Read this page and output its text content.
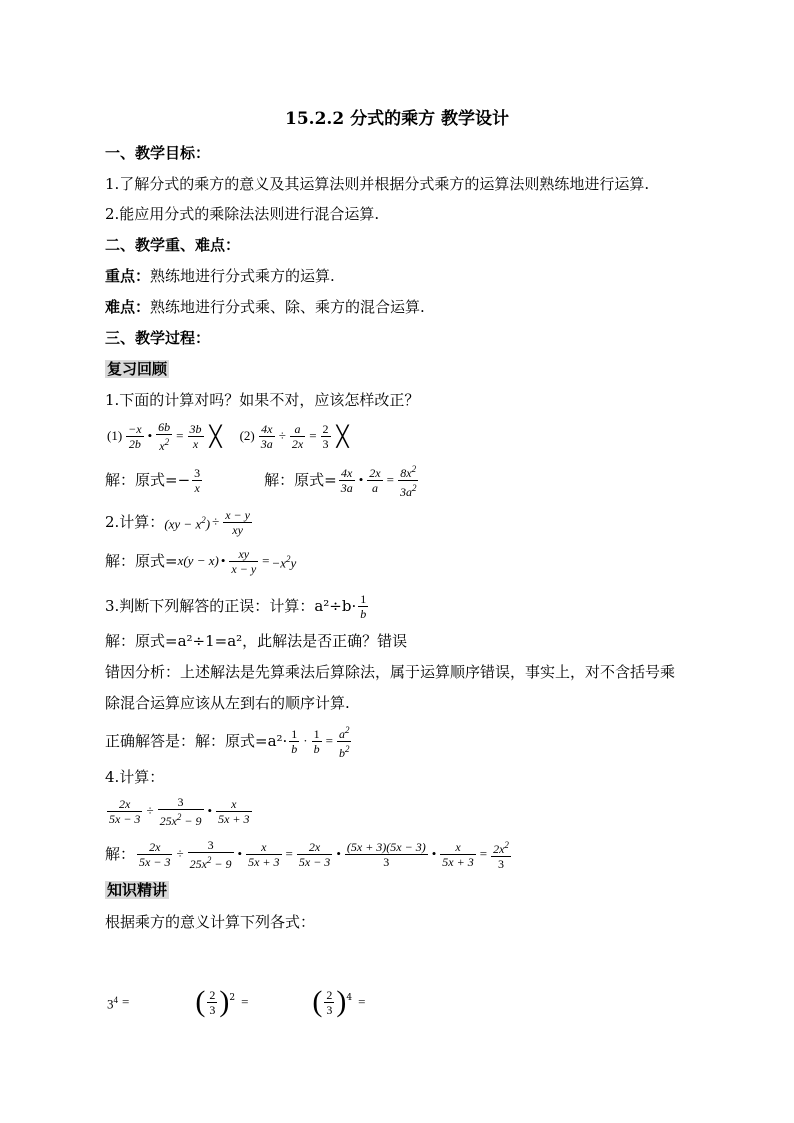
15.2.2 分式的乘方 教学设计
一、教学目标：
1.了解分式的乘方的意义及其运算法则并根据分式乘方的运算法则熟练地进行运算.
2.能应用分式的乘除法法则进行混合运算.
二、教学重、难点：
重点：熟练地进行分式乘方的运算.
难点：熟练地进行分式乘、除、乘方的混合运算.
三、教学过程：
复习回顾
1.下面的计算对吗？如果不对，应该怎样改正？
$(1) \frac{-x}{2b}$ • $\frac{6b}{x^2} = \frac{3b}{x}$ ╳ $(2) \frac{4x}{3a} \div \frac{a}{2x} = \frac{2}{3}$ ╳
解：原式=− $\frac{3}{x}$	解：原式= $\frac{4x}{3a}$ • $\frac{2x}{a} = \frac{8x^2}{3a^2}$
2.计算： $(xy - x^2) \div \frac{x - y}{xy}$
解：原式= x(y − x) • $\frac{xy}{x - y} = -x^2y$
3.判断下列解答的正误：计算：$a^2\div b\cdot \frac{1}{b}$
解：原式=a²÷1=a²，此解法是否正确？错误
错因分析：上述解法是先算乘法后算除法，属于运算顺序错误，事实上，对不含括号乘
除混合运算应该从左到右的顺序计算.
正确解答是：解：原式$=a^2\cdot \frac{1}{b} \cdot \frac{1}{b} = \frac{a^2}{b^2}$
4.计算：
$\frac{2x}{5x - 3} \div \frac{3}{25x^2 - 9}$ • $\frac{x}{5x + 3}$
解： $\frac{2x}{5x - 3} \div \frac{3}{25x^2 - 9}$ • $\frac{x}{5x + 3} = \frac{2x}{5x - 3}$ • $\frac{(5x + 3)(5x - 3)}{3}$ • $\frac{x}{5x + 3} = \frac{2x^2}{3}$
知识精讲
根据乘方的意义计算下列各式：
$3^4$ = ( $\frac{2}{3} )^2$ = ( $\frac{2}{3} )^4$ =
